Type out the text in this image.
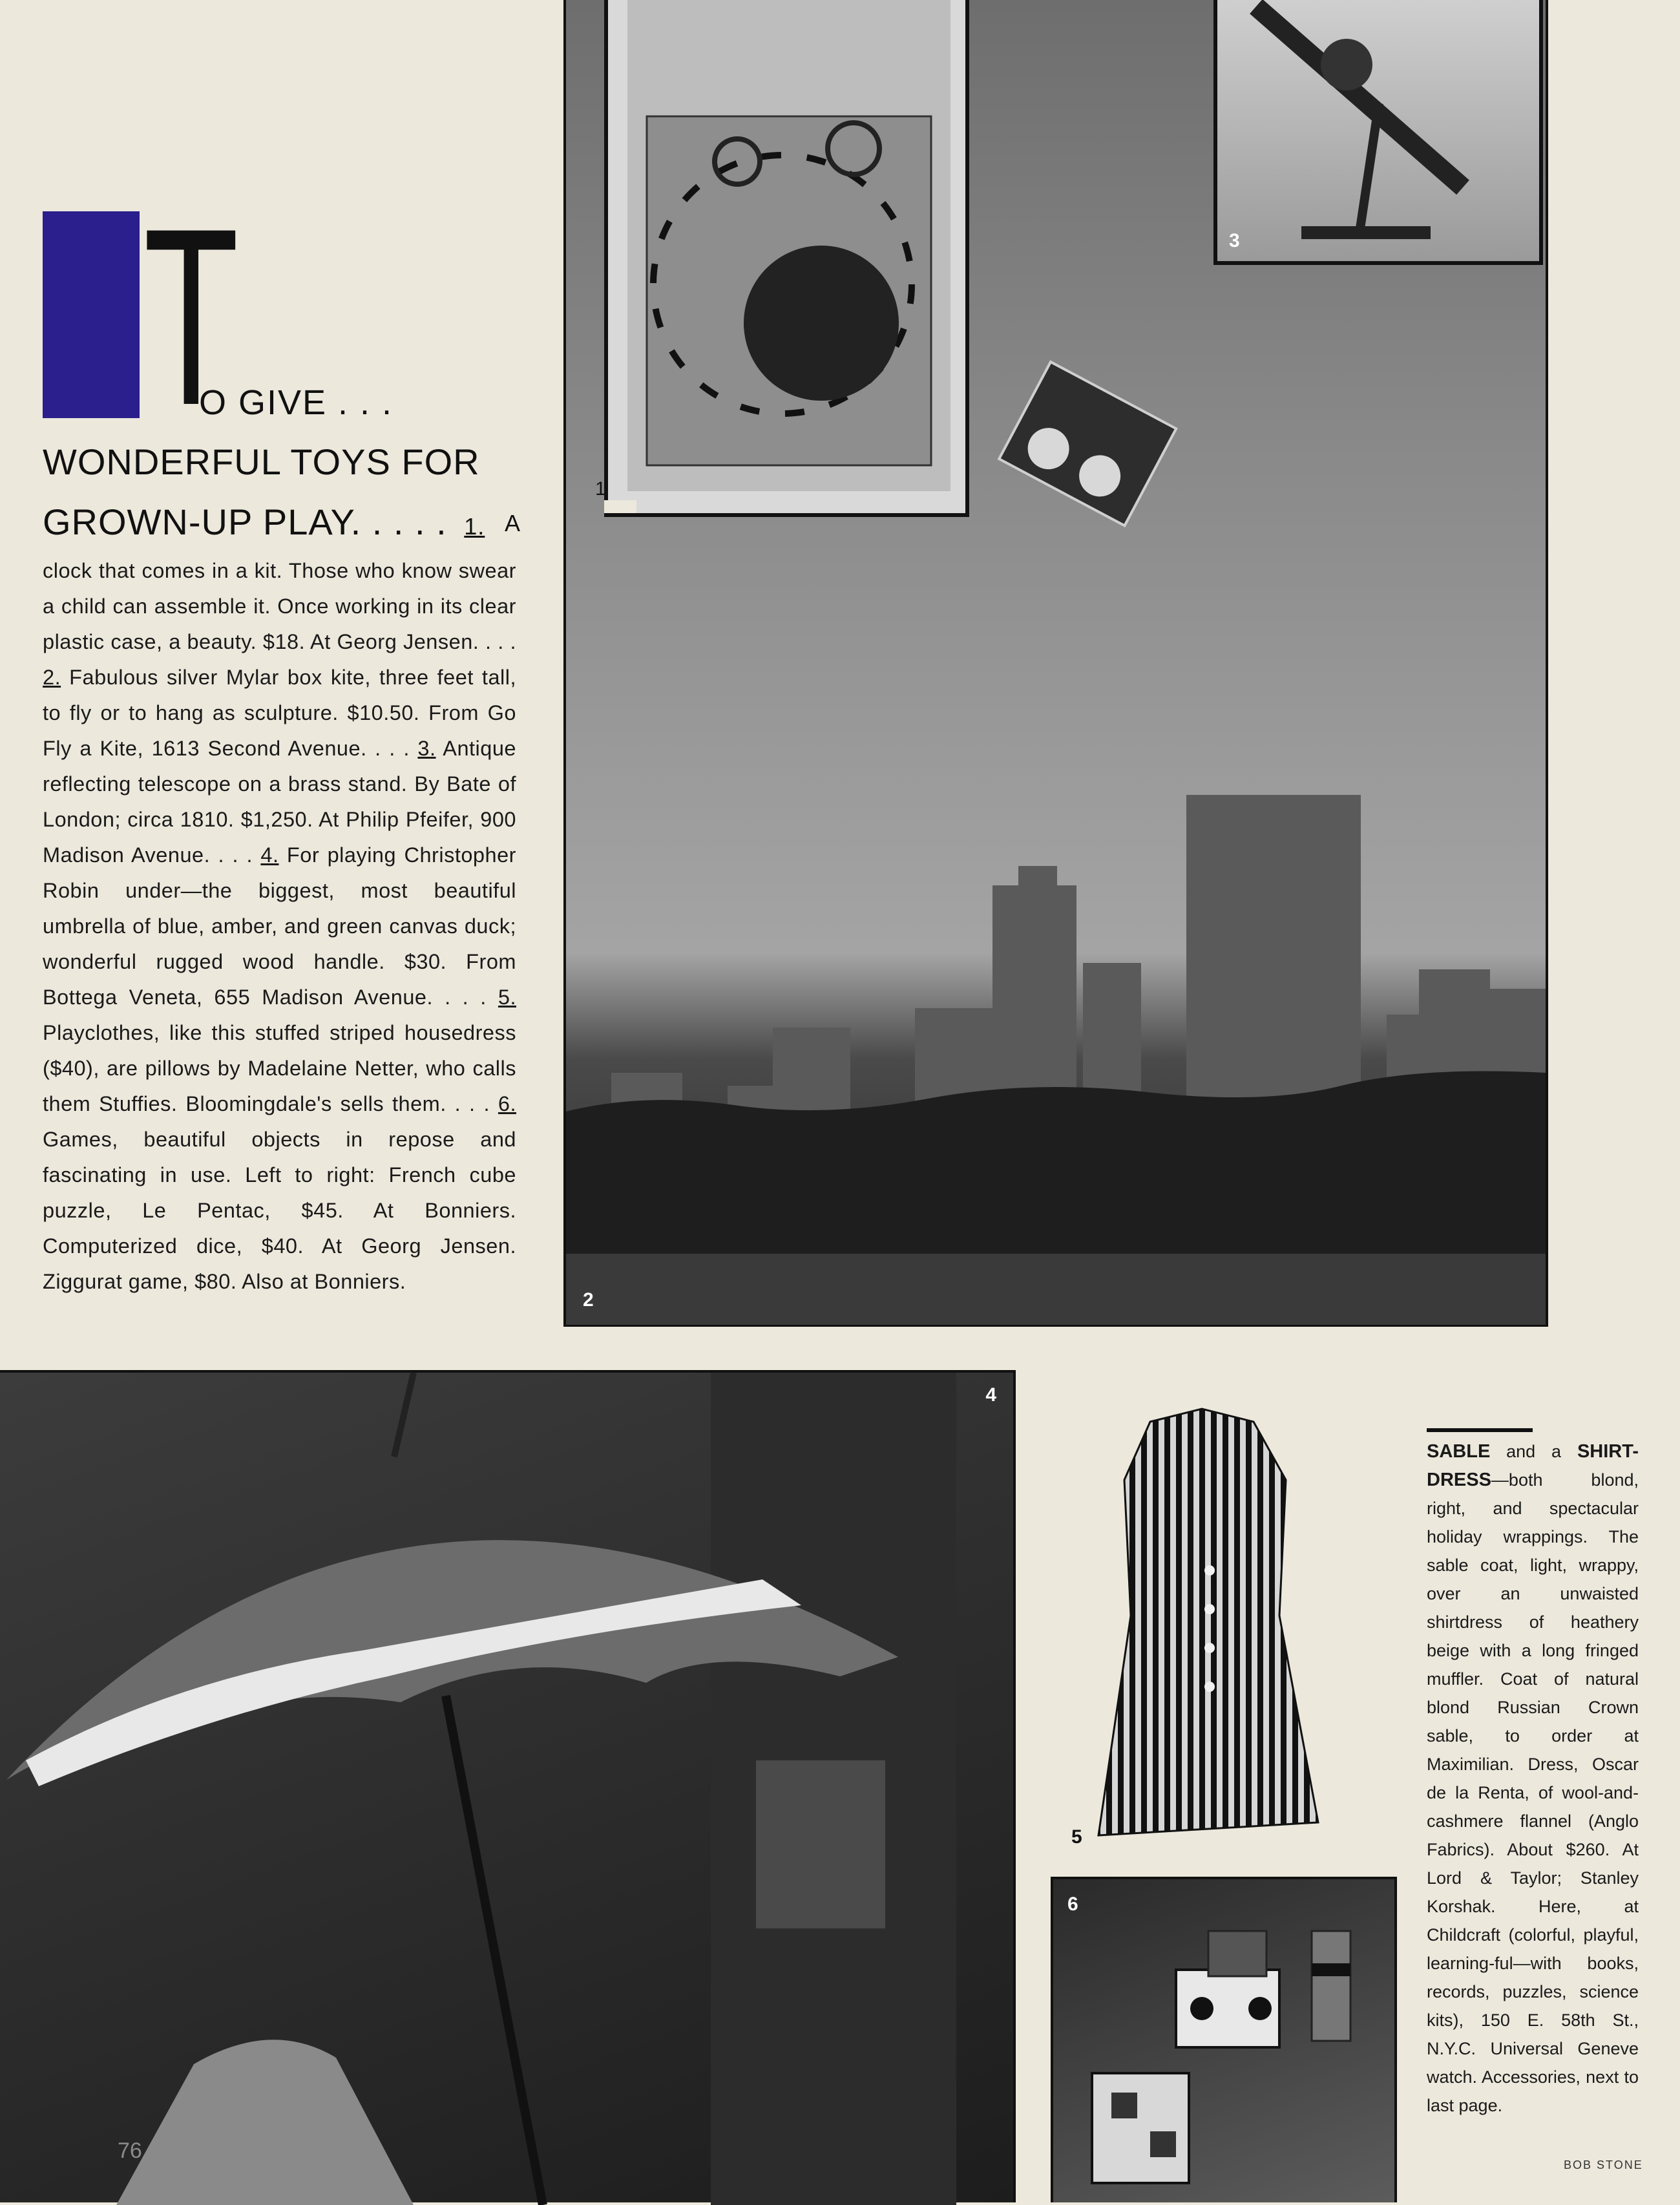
T
O GIVE . . .
WONDERFUL TOYS FOR
GROWN-UP PLAY. . . . . 1. A
clock that comes in a kit. Those who know swear a child can assemble it. Once working in its clear plastic case, a beauty. $18. At Georg Jensen. . . . 2. Fabulous silver Mylar box kite, three feet tall, to fly or to hang as sculpture. $10.50. From Go Fly a Kite, 1613 Second Avenue. . . . 3. Antique reflecting telescope on a brass stand. By Bate of London; circa 1810. $1,250. At Philip Pfeifer, 900 Madison Avenue. . . . 4. For playing Christopher Robin under—the biggest, most beautiful umbrella of blue, amber, and green canvas duck; wonderful rugged wood handle. $30. From Bottega Veneta, 655 Madison Avenue. . . . 5. Playclothes, like this stuffed striped housedress ($40), are pillows by Madelaine Netter, who calls them Stuffies. Bloomingdale's sells them. . . . 6. Games, beautiful objects in repose and fascinating in use. Left to right: French cube puzzle, Le Pentac, $45. At Bonniers. Computerized dice, $40. At Georg Jensen. Ziggurat game, $80. Also at Bonniers.
2
1
3
4
76
5
6
SABLE and a SHIRT-DRESS—both blond, right, and spectacular holiday wrappings. The sable coat, light, wrappy, over an unwaisted shirtdress of heathery beige with a long fringed muffler. Coat of natural blond Russian Crown sable, to order at Maximilian. Dress, Oscar de la Renta, of wool-and-cashmere flannel (Anglo Fabrics). About $260. At Lord & Taylor; Stanley Korshak. Here, at Childcraft (colorful, playful, learning-ful—with books, records, puzzles, science kits), 150 E. 58th St., N.Y.C. Universal Geneve watch. Accessories, next to last page.
BOB STONE
